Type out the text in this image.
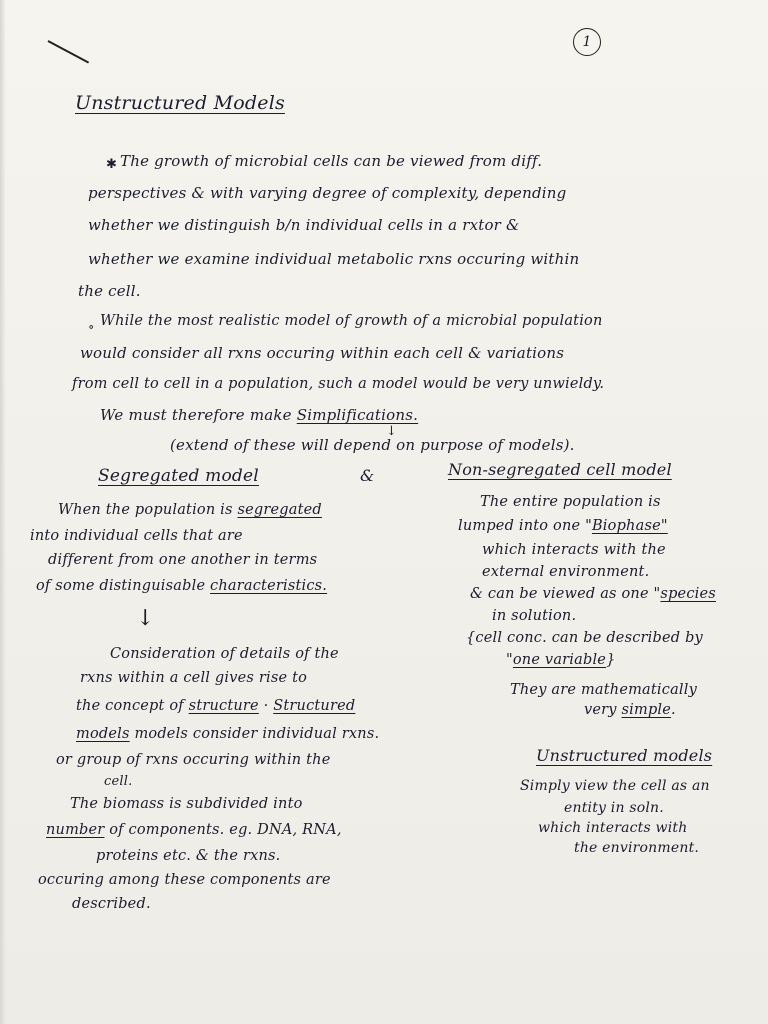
1
Unstructured Models
✱ The growth of microbial cells can be viewed from diff.
perspectives & with varying degree of complexity, depending
whether we distinguish b/n individual cells in a rxtor &
whether we examine individual metabolic rxns occuring within
the cell.
∘ While the most realistic model of growth of a microbial population
would consider all rxns occuring within each cell & variations
from cell to cell in a population, such a model would be very unwieldy.
We must therefore make Simplifications.
↓
(extend of these will depend on purpose of models).
Segregated model	&
When the population is segregated
into individual cells that are
different from one another in terms
of some distinguisable characteristics.
↓
Consideration of details of the
rxns within a cell gives rise to
the concept of structure · Structured
models models consider individual rxns.
or group of rxns occuring within the
cell.
The biomass is subdivided into
number of components. eg. DNA, RNA,
proteins etc. & the rxns.
occuring among these components are
described.
Non-segregated cell model
The entire population is
lumped into one "Biophase"
which interacts with the
external environment.
& can be viewed as one "species
in solution.
{cell conc. can be described by
"one variable}
They are mathematically
very simple.
Unstructured models
Simply view the cell as an
entity in soln.
which interacts with
the environment.
